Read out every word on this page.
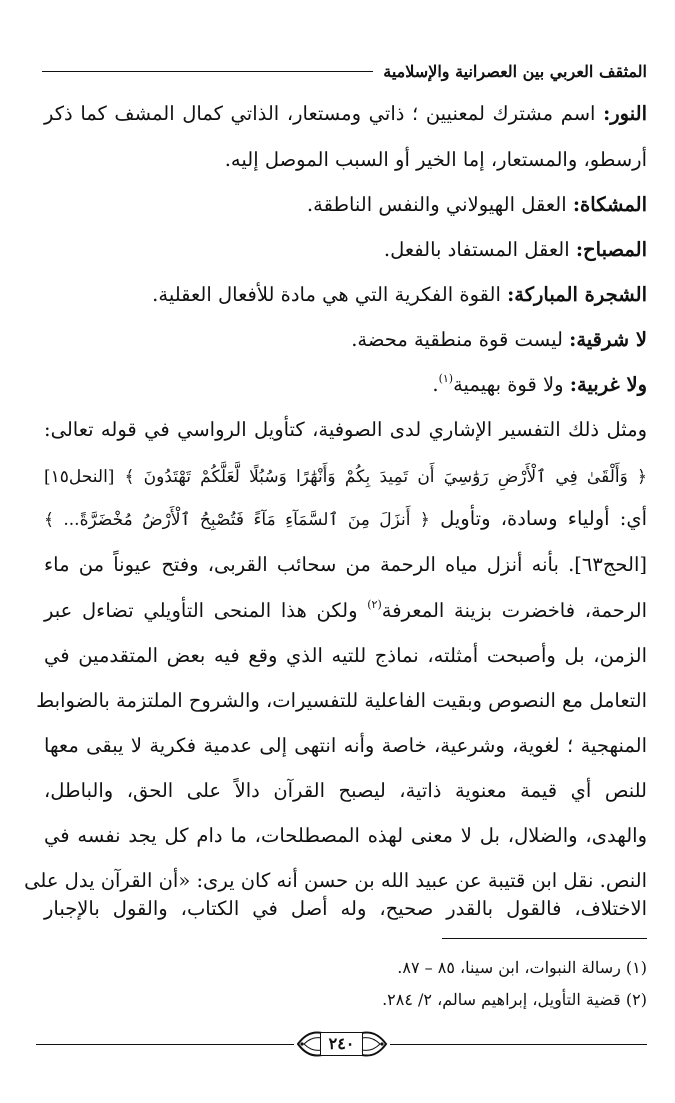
المثقف العربي بين العصرانية والإسلامية
النور: اسم مشترك لمعنيين ؛ ذاتي ومستعار، الذاتي كمال المشف كما ذكر
أرسطو، والمستعار، إما الخير أو السبب الموصل إليه.
المشكاة: العقل الهيولاني والنفس الناطقة.
المصباح: العقل المستفاد بالفعل.
الشجرة المباركة: القوة الفكرية التي هي مادة للأفعال العقلية.
لا شرقية: ليست قوة منطقية محضة.
ولا غربية: ولا قوة بهيمية$^{(١)}$.
ومثل ذلك التفسير الإشاري لدى الصوفية، كتأويل الرواسي في قوله تعالى:
﴿ وَأَلْقَىٰ فِي ٱلْأَرْضِ رَوَٰسِيَ أَن تَمِيدَ بِكُمْ وَأَنْهَٰرًا وَسُبُلًا لَّعَلَّكُمْ تَهْتَدُونَ ﴾ [النحل١٥]
أي: أولياء وسادة، وتأويل ﴿ أَنزَلَ مِنَ ٱلسَّمَآءِ مَآءً فَتُصْبِحُ ٱلْأَرْضُ مُخْضَرَّةً... ﴾
[الحج٦٣]. بأنه أنزل مياه الرحمة من سحائب القربى، وفتح عيوناً من ماء
الرحمة، فاخضرت بزينة المعرفة$^{(٢)}$ ولكن هذا المنحى التأويلي تضاءل عبر
الزمن، بل وأصبحت أمثلته، نماذج للتيه الذي وقع فيه بعض المتقدمين في
التعامل مع النصوص وبقيت الفاعلية للتفسيرات، والشروح الملتزمة بالضوابط
المنهجية ؛ لغوية، وشرعية، خاصة وأنه انتهى إلى عدمية فكرية لا يبقى معها
للنص أي قيمة معنوية ذاتية، ليصبح القرآن دالاً على الحق، والباطل،
والهدى، والضلال، بل لا معنى لهذه المصطلحات، ما دام كل يجد نفسه في
النص. نقل ابن قتيبة عن عبيد الله بن حسن أنه كان يرى: «أن القرآن يدل على
الاختلاف، فالقول بالقدر صحيح، وله أصل في الكتاب، والقول بالإجبار
(١) رسالة النبوات، ابن سينا، ٨٥ – ٨٧.
(٢) قضية التأويل، إبراهيم سالم، ٢/ ٢٨٤.
٢٤٠
